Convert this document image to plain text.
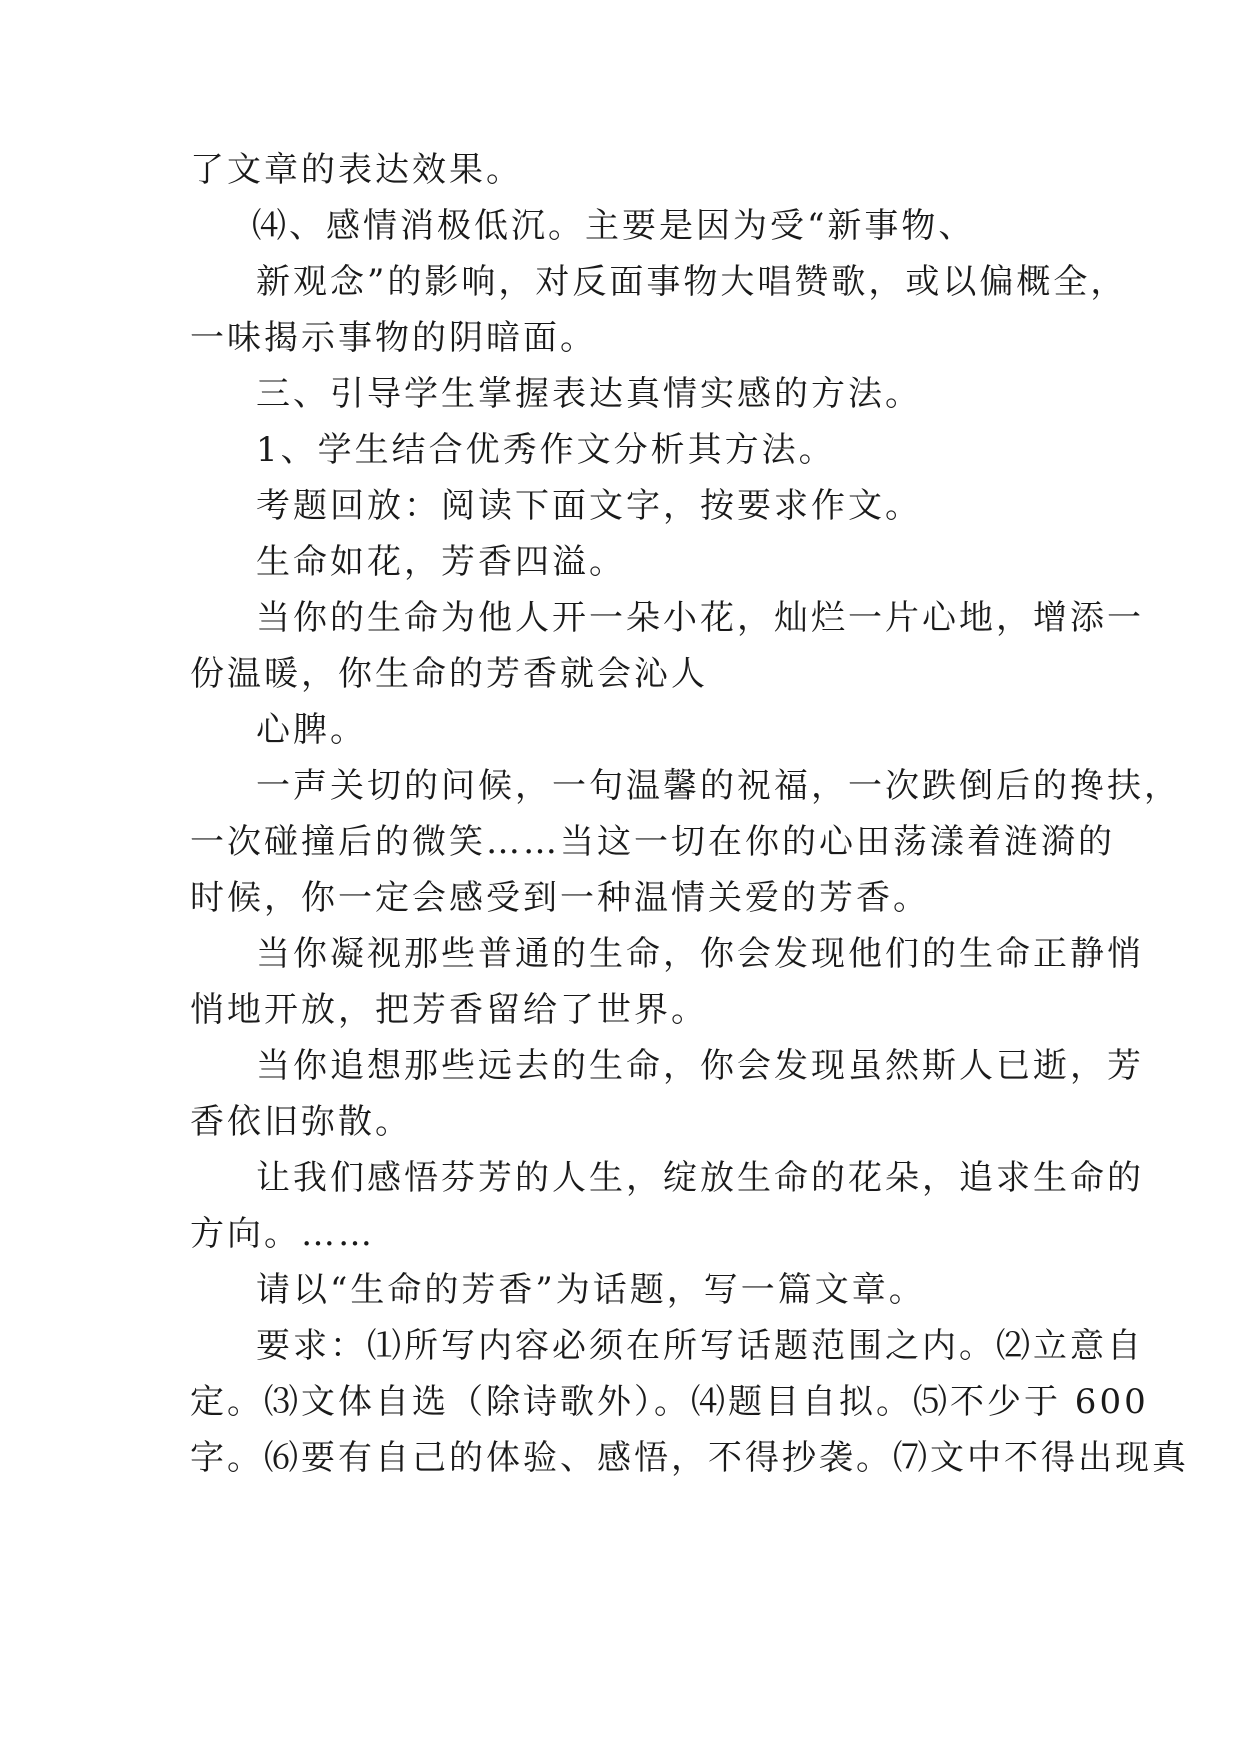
了文章的表达效果。

⑷、感情消极低沉。主要是因为受“新事物、

新观念”的影响，对反面事物大唱赞歌，或以偏概全，

一味揭示事物的阴暗面。

三、引导学生掌握表达真情实感的方法。

1、学生结合优秀作文分析其方法。

考题回放：阅读下面文字，按要求作文。

生命如花，芳香四溢。

当你的生命为他人开一朵小花，灿烂一片心地，增添一

份温暖，你生命的芳香就会沁人

心脾。

一声关切的问候，一句温馨的祝福，一次跌倒后的搀扶，

一次碰撞后的微笑……当这一切在你的心田荡漾着涟漪的

时候，你一定会感受到一种温情关爱的芳香。

当你凝视那些普通的生命，你会发现他们的生命正静悄

悄地开放，把芳香留给了世界。

当你追想那些远去的生命，你会发现虽然斯人已逝，芳

香依旧弥散。

让我们感悟芬芳的人生，绽放生命的花朵，追求生命的

方向。……

请以“生命的芳香”为话题，写一篇文章。

要求：⑴所写内容必须在所写话题范围之内。⑵立意自

定。⑶文体自选（除诗歌外）。⑷题目自拟。⑸不少于 600

字。⑹要有自己的体验、感悟，不得抄袭。⑺文中不得出现真
